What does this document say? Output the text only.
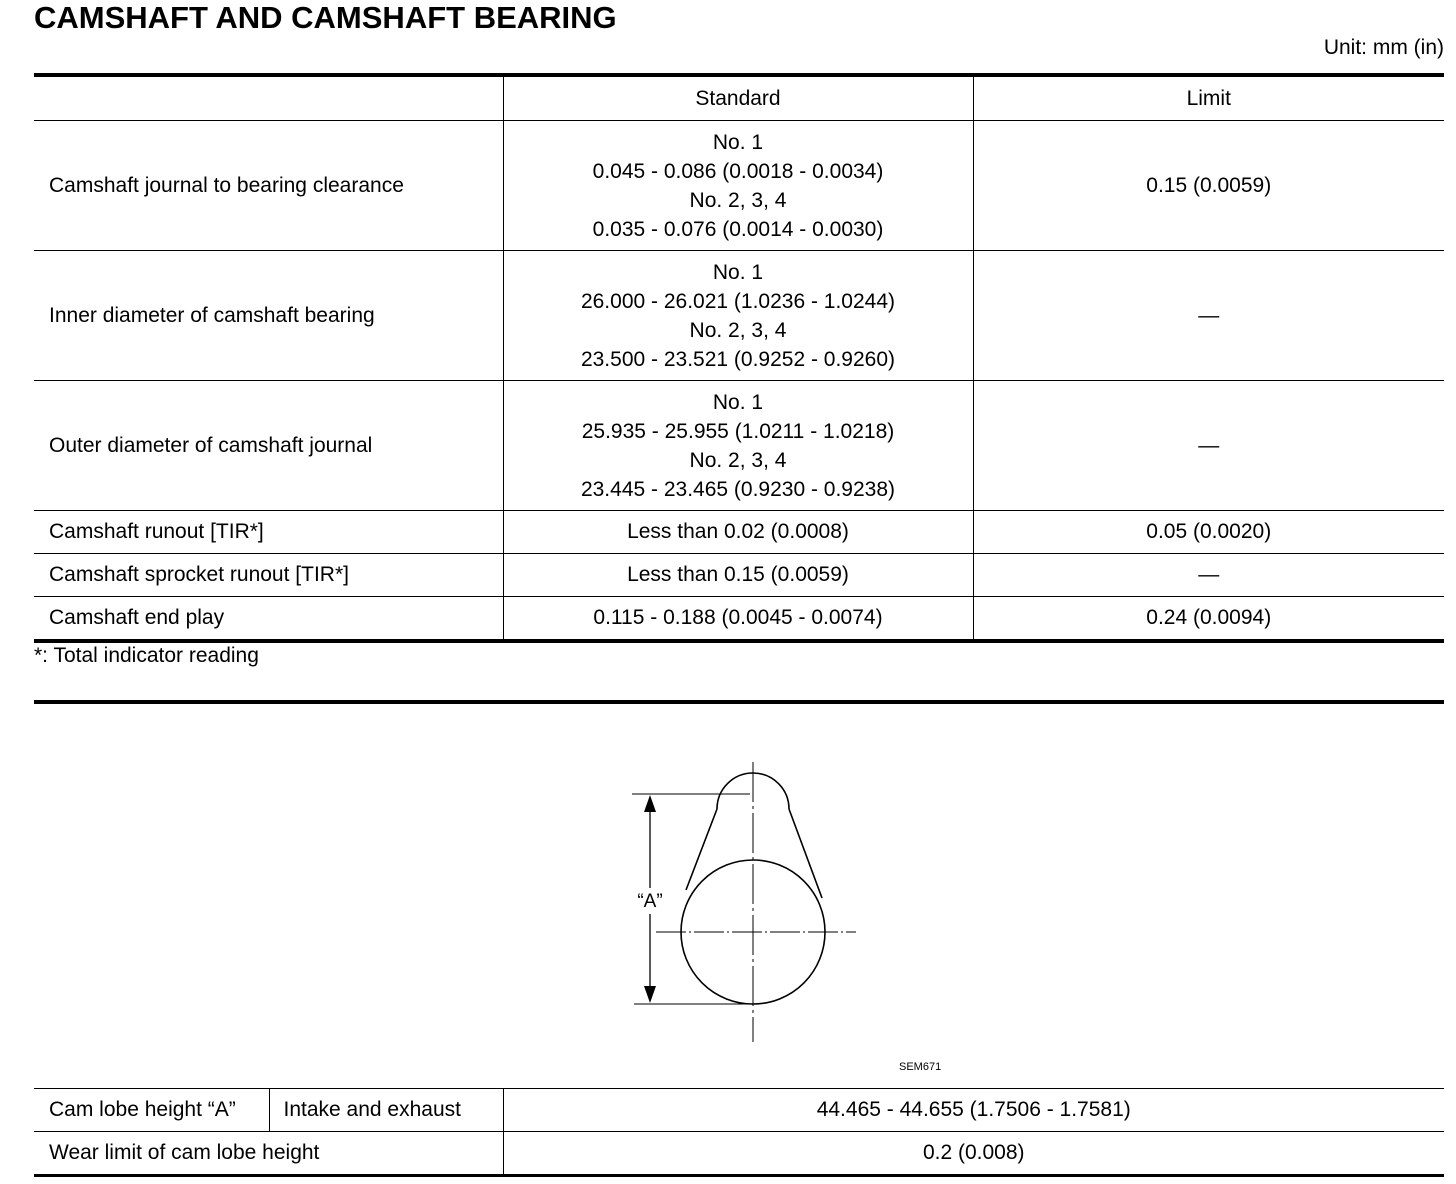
CAMSHAFT AND CAMSHAFT BEARING
Unit: mm (in)
	Standard	Limit
Camshaft journal to bearing clearance	No. 1
0.045 - 0.086 (0.0018 - 0.0034)
No. 2, 3, 4
0.035 - 0.076 (0.0014 - 0.0030)	0.15 (0.0059)
Inner diameter of camshaft bearing	No. 1
26.000 - 26.021 (1.0236 - 1.0244)
No. 2, 3, 4
23.500 - 23.521 (0.9252 - 0.9260)	—
Outer diameter of camshaft journal	No. 1
25.935 - 25.955 (1.0211 - 1.0218)
No. 2, 3, 4
23.445 - 23.465 (0.9230 - 0.9238)	—
Camshaft runout [TIR*]	Less than 0.02 (0.0008)	0.05 (0.0020)
Camshaft sprocket runout [TIR*]	Less than 0.15 (0.0059)	—
Camshaft end play	0.115 - 0.188 (0.0045 - 0.0074)	0.24 (0.0094)
*: Total indicator reading
“A”
SEM671
Cam lobe height “A”	Intake and exhaust	44.465 - 44.655 (1.7506 - 1.7581)
Wear limit of cam lobe height		0.2 (0.008)
